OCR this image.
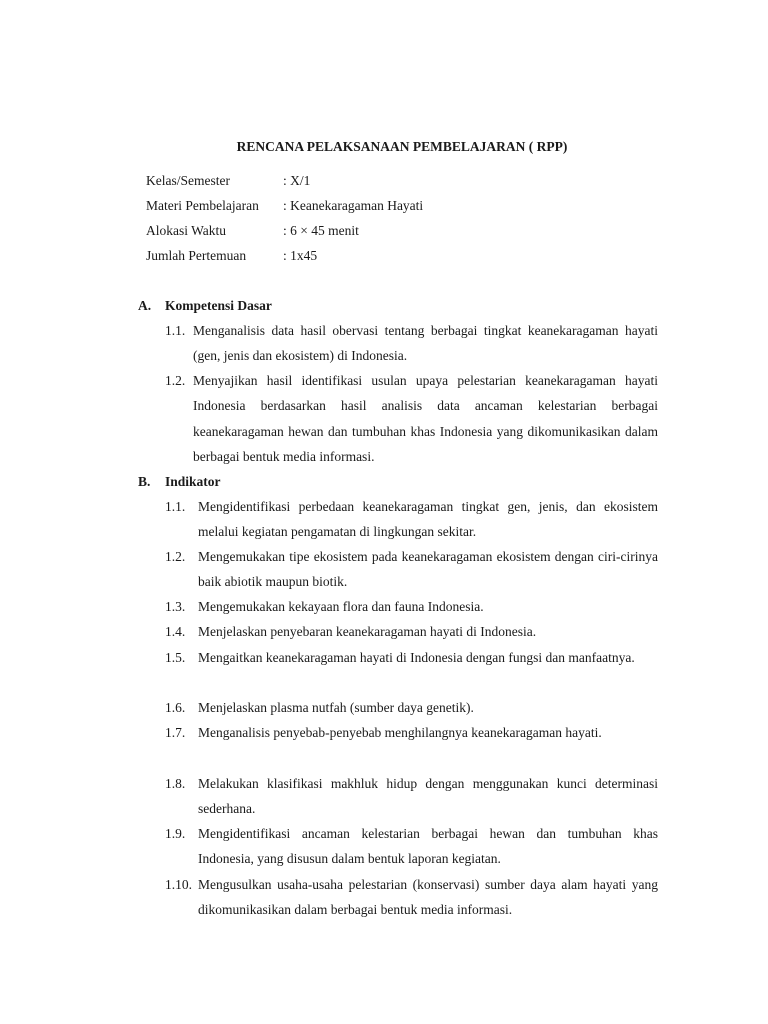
RENCANA PELAKSANAAN PEMBELAJARAN ( RPP)
Kelas/Semester	: X/1
Materi Pembelajaran	: Keanekaragaman Hayati
Alokasi Waktu	: 6 × 45 menit
Jumlah Pertemuan	: 1x45
A.	Kompetensi Dasar
1.1. Menganalisis data hasil obervasi tentang berbagai tingkat keanekaragaman hayati (gen, jenis dan ekosistem) di Indonesia.
1.2. Menyajikan hasil identifikasi usulan upaya pelestarian keanekaragaman hayati Indonesia berdasarkan hasil analisis data ancaman kelestarian berbagai keanekaragaman hewan dan tumbuhan khas Indonesia yang dikomunikasikan dalam berbagai bentuk media informasi.
B.	Indikator
1.1. Mengidentifikasi perbedaan keanekaragaman tingkat gen, jenis, dan ekosistem melalui kegiatan pengamatan di lingkungan sekitar.
1.2. Mengemukakan tipe ekosistem pada keanekaragaman ekosistem dengan ciri-cirinya baik abiotik maupun biotik.
1.3. Mengemukakan kekayaan flora dan fauna Indonesia.
1.4. Menjelaskan penyebaran keanekaragaman hayati di Indonesia.
1.5. Mengaitkan keanekaragaman hayati di Indonesia dengan fungsi dan manfaatnya.
1.6. Menjelaskan plasma nutfah (sumber daya genetik).
1.7. Menganalisis penyebab-penyebab menghilangnya keanekaragaman hayati.
1.8. Melakukan klasifikasi makhluk hidup dengan menggunakan kunci determinasi sederhana.
1.9. Mengidentifikasi ancaman kelestarian berbagai hewan dan tumbuhan khas Indonesia, yang disusun dalam bentuk laporan kegiatan.
1.10. Mengusulkan usaha-usaha pelestarian (konservasi) sumber daya alam hayati yang dikomunikasikan dalam berbagai bentuk media informasi.
